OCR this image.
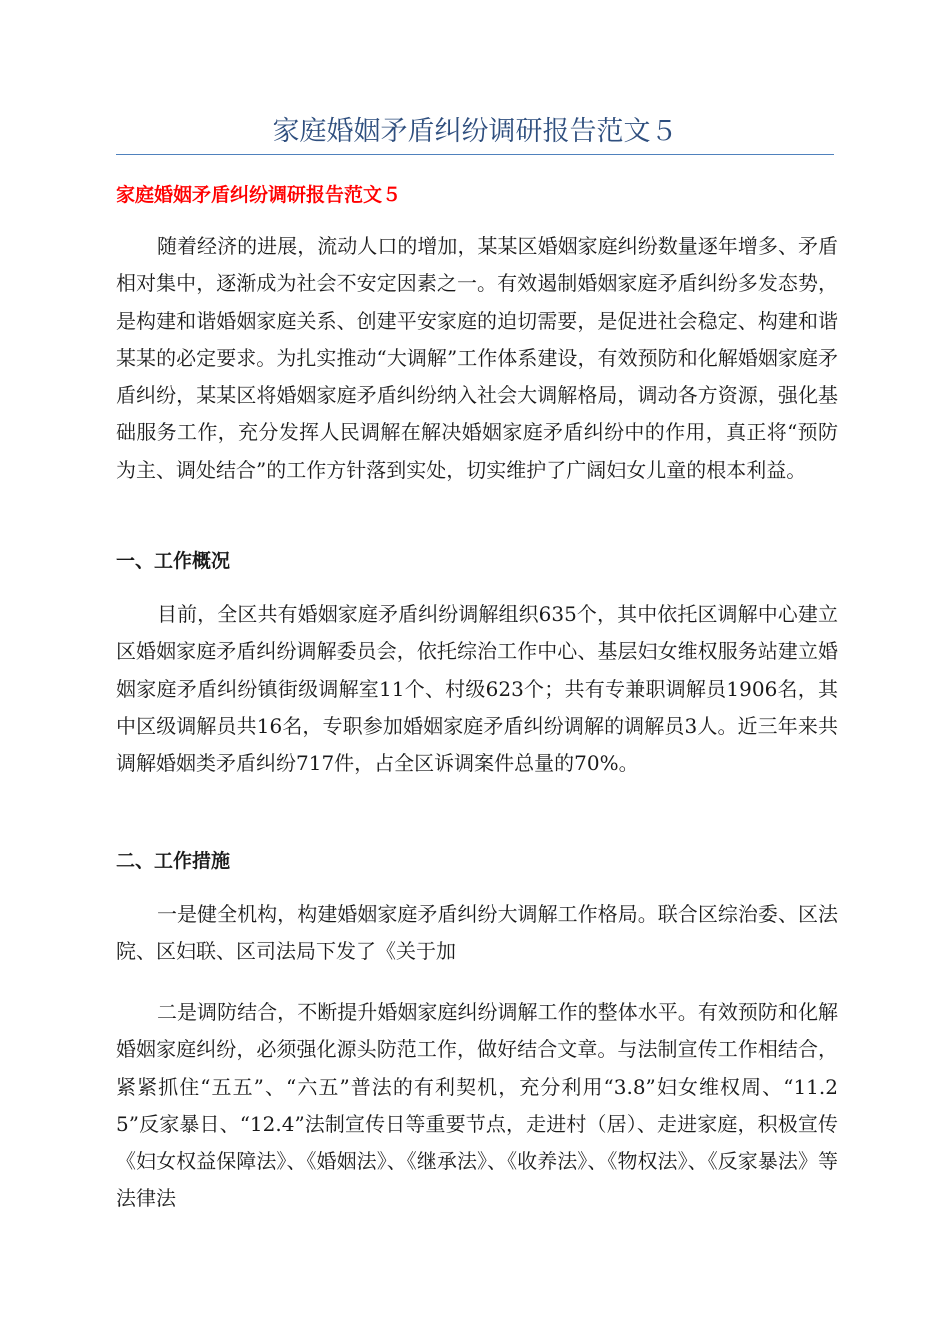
家庭婚姻矛盾纠纷调研报告范文５
家庭婚姻矛盾纠纷调研报告范文５

随着经济的进展，流动人口的增加，某某区婚姻家庭纠纷数量逐年增多、矛盾相对集中，逐渐成为社会不安定因素之一。有效遏制婚姻家庭矛盾纠纷多发态势，是构建和谐婚姻家庭关系、创建平安家庭的迫切需要，是促进社会稳定、构建和谐某某的必定要求。为扎实推动“大调解”工作体系建设，有效预防和化解婚姻家庭矛盾纠纷，某某区将婚姻家庭矛盾纠纷纳入社会大调解格局，调动各方资源，强化基础服务工作，充分发挥人民调解在解决婚姻家庭矛盾纠纷中的作用，真正将“预防为主、调处结合”的工作方针落到实处，切实维护了广阔妇女儿童的根本利益。

一、工作概况

目前，全区共有婚姻家庭矛盾纠纷调解组织635个，其中依托区调解中心建立区婚姻家庭矛盾纠纷调解委员会，依托综治工作中心、基层妇女维权服务站建立婚姻家庭矛盾纠纷镇街级调解室11个、村级623个；共有专兼职调解员1906名，其中区级调解员共16名，专职参加婚姻家庭矛盾纠纷调解的调解员3人。近三年来共调解婚姻类矛盾纠纷717件，占全区诉调案件总量的70%。

二、工作措施

一是健全机构，构建婚姻家庭矛盾纠纷大调解工作格局。联合区综治委、区法院、区妇联、区司法局下发了《关于加

二是调防结合，不断提升婚姻家庭纠纷调解工作的整体水平。有效预防和化解婚姻家庭纠纷，必须强化源头防范工作，做好结合文章。与法制宣传工作相结合，紧紧抓住“五五”、“六五”普法的有利契机，充分利用“3.8”妇女维权周、“11.25”反家暴日、“12.4”法制宣传日等重要节点，走进村（居）、走进家庭，积极宣传《妇女权益保障法》、《婚姻法》、《继承法》、《收养法》、《物权法》、《反家暴法》等法律法
